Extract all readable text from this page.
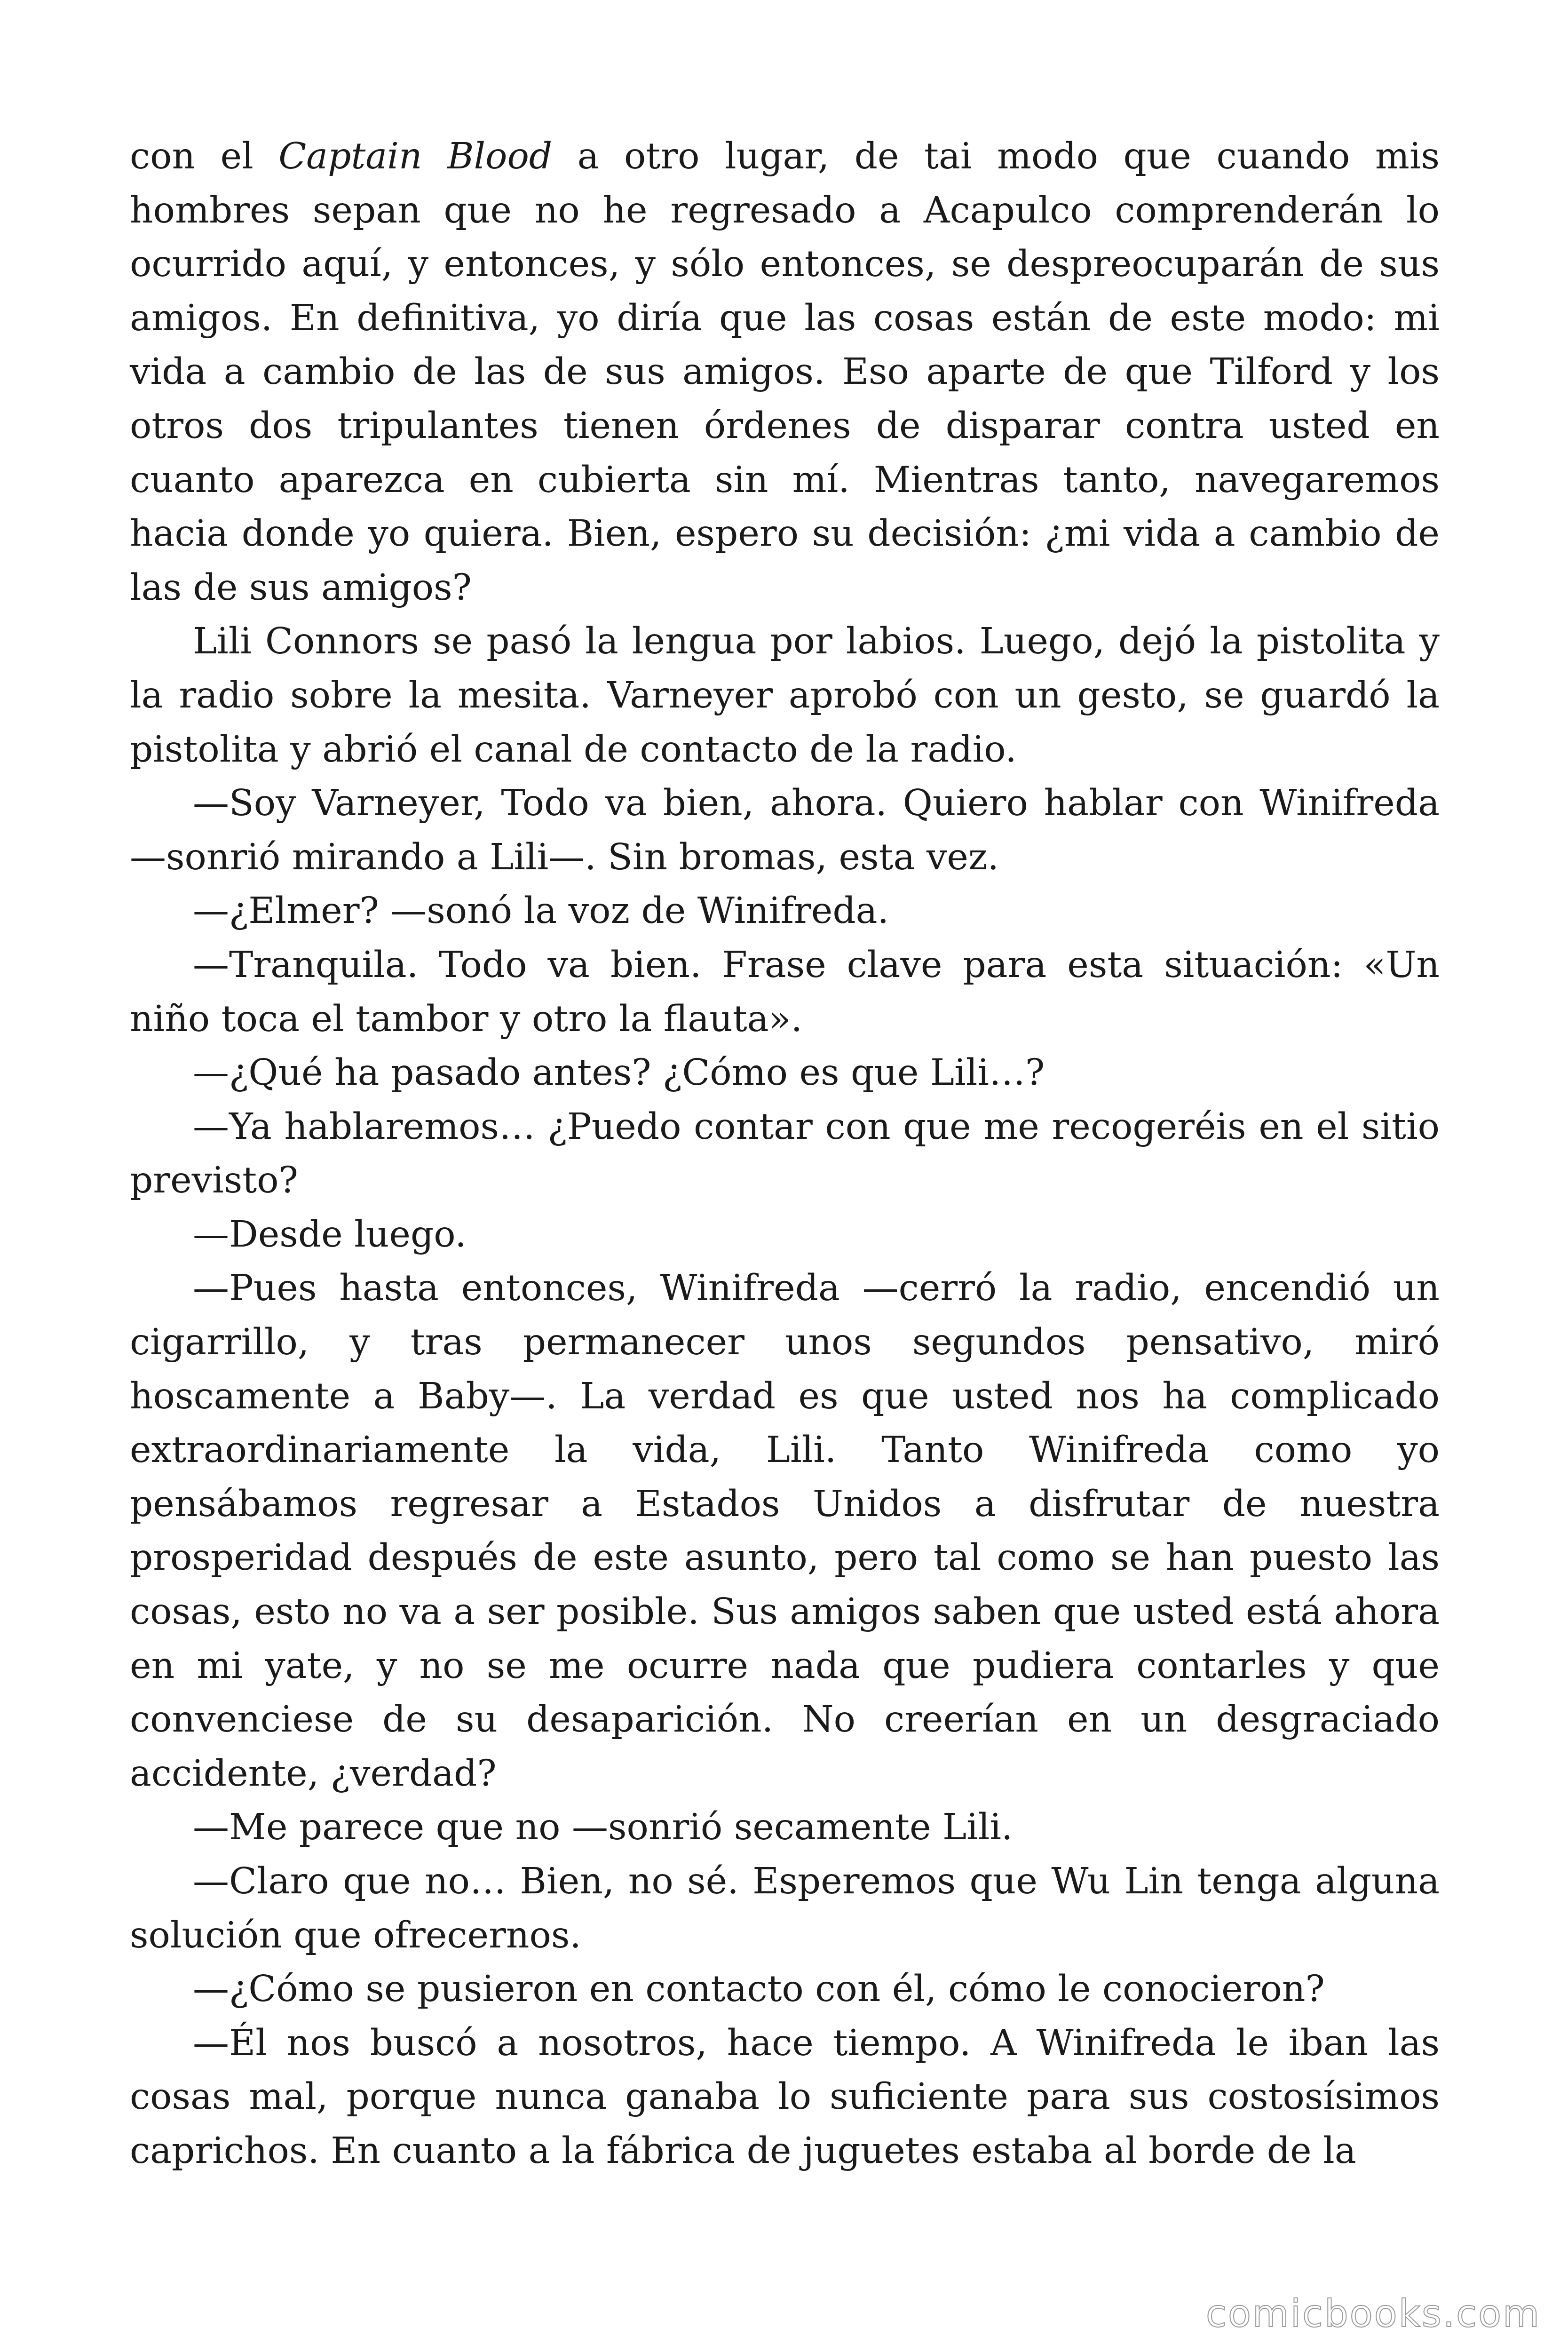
con el Captain Blood a otro lugar, de tai modo que cuando mis hombres sepan que no he regresado a Acapulco comprenderán lo ocurrido aquí, y entonces, y sólo entonces, se despreocuparán de sus amigos. En definitiva, yo diría que las cosas están de este modo: mi vida a cambio de las de sus amigos. Eso aparte de que Tilford y los otros dos tripulantes tienen órdenes de disparar contra usted en cuanto aparezca en cubierta sin mí. Mientras tanto, navegaremos hacia donde yo quiera. Bien, espero su decisión: ¿mi vida a cambio de las de sus amigos?

Lili Connors se pasó la lengua por labios. Luego, dejó la pistolita y la radio sobre la mesita. Varneyer aprobó con un gesto, se guardó la pistolita y abrió el canal de contacto de la radio.

—Soy Varneyer, Todo va bien, ahora. Quiero hablar con Winifreda —sonrió mirando a Lili—. Sin bromas, esta vez.

—¿Elmer? —sonó la voz de Winifreda.

—Tranquila. Todo va bien. Frase clave para esta situación: «Un niño toca el tambor y otro la flauta».

—¿Qué ha pasado antes? ¿Cómo es que Lili…?

—Ya hablaremos… ¿Puedo contar con que me recogeréis en el sitio previsto?

—Desde luego.

—Pues hasta entonces, Winifreda —cerró la radio, encendió un cigarrillo, y tras permanecer unos segundos pensativo, miró hoscamente a Baby—. La verdad es que usted nos ha complicado extraordinariamente la vida, Lili. Tanto Winifreda como yo pensábamos regresar a Estados Unidos a disfrutar de nuestra prosperidad después de este asunto, pero tal como se han puesto las cosas, esto no va a ser posible. Sus amigos saben que usted está ahora en mi yate, y no se me ocurre nada que pudiera contarles y que convenciese de su desaparición. No creerían en un desgraciado accidente, ¿verdad?

—Me parece que no —sonrió secamente Lili.

—Claro que no… Bien, no sé. Esperemos que Wu Lin tenga alguna solución que ofrecernos.

—¿Cómo se pusieron en contacto con él, cómo le conocieron?

—Él nos buscó a nosotros, hace tiempo. A Winifreda le iban las cosas mal, porque nunca ganaba lo suficiente para sus costosísimos caprichos. En cuanto a la fábrica de juguetes estaba al borde de la

comicbooks.com
